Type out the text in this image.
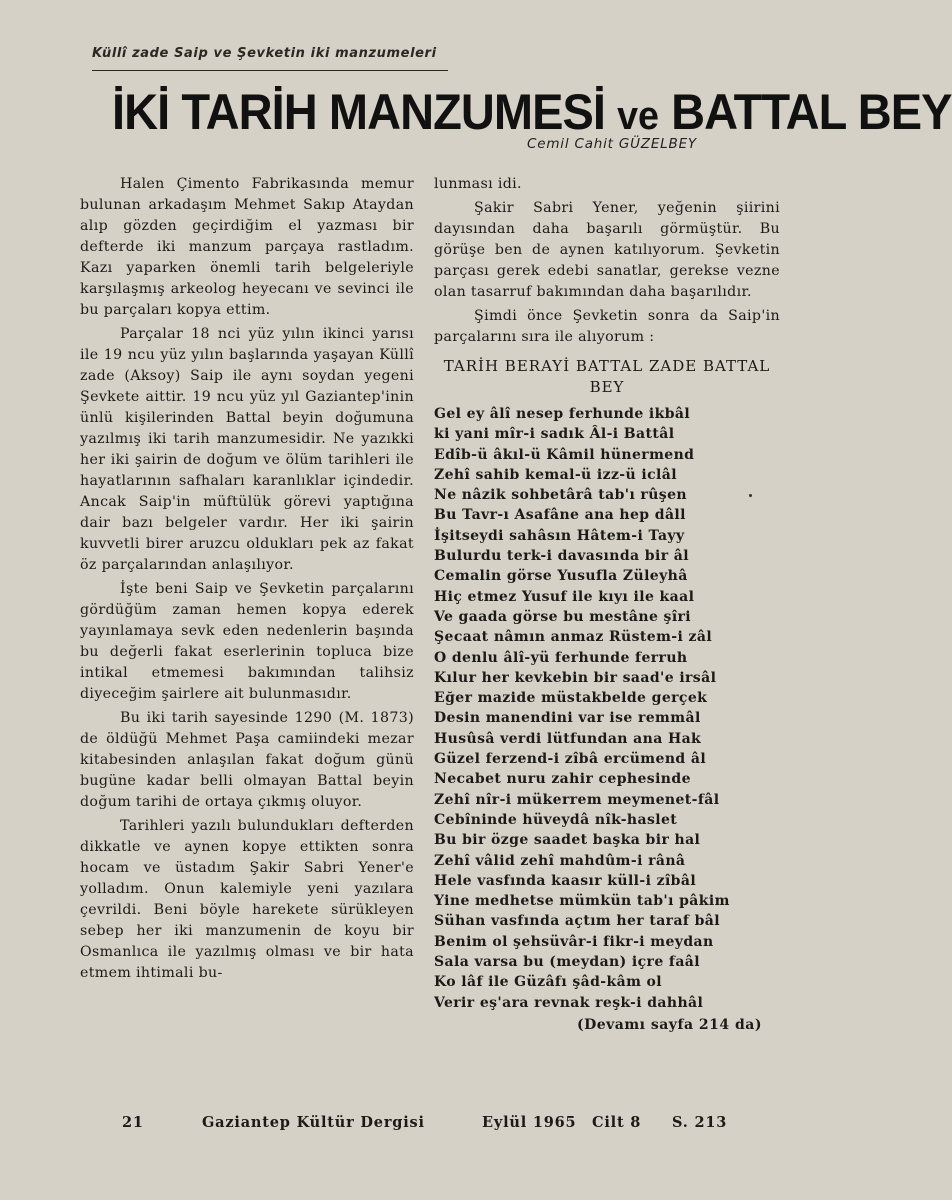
Küllî zade Saip ve Şevketin iki manzumeleri
İKİ TARİH MANZUMESİ ve BATTAL BEY
Cemil Cahit GÜZELBEY

Halen Çimento Fabrikasında memur bulunan arkadaşım Mehmet Sakıp Ataydan alıp gözden geçirdiğim el yazması bir defterde iki manzum parçaya rastladım. Kazı yaparken önemli tarih belgeleriyle karşılaşmış arkeolog heyecanı ve sevinci ile bu parçaları kopya ettim.

Parçalar 18 nci yüz yılın ikinci yarısı ile 19 ncu yüz yılın başlarında yaşayan Küllî zade (Aksoy) Saip ile aynı soydan yegeni Şevkete aittir. 19 ncu yüz yıl Gaziantep'inin ünlü kişilerinden Battal beyin doğumuna yazılmış iki tarih manzumesidir. Ne yazıkki her iki şairin de doğum ve ölüm tarihleri ile hayatlarının safhaları karanlıklar içindedir. Ancak Saip'in müftülük görevi yaptığına dair bazı belgeler vardır. Her iki şairin kuvvetli birer aruzcu oldukları pek az fakat öz parçalarından anlaşılıyor.

İşte beni Saip ve Şevketin parçalarını gördüğüm zaman hemen kopya ederek yayınlamaya sevk eden nedenlerin başında bu değerli fakat eserlerinin topluca bize intikal etmemesi bakımından talihsiz diyeceğim şairlere ait bulunmasıdır.

Bu iki tarih sayesinde 1290 (M. 1873) de öldüğü Mehmet Paşa camiindeki mezar kitabesinden anlaşılan fakat doğum günü bugüne kadar belli olmayan Battal beyin doğum tarihi de ortaya çıkmış oluyor.

Tarihleri yazılı bulundukları defterden dikkatle ve aynen kopye ettikten sonra hocam ve üstadım Şakir Sabri Yener'e yolladım. Onun kalemiyle yeni yazılara çevrildi. Beni böyle harekete sürükleyen sebep her iki manzumenin de koyu bir Osmanlıca ile yazılmış olması ve bir hata etmem ihtimali bu-

lunması idi.

Şakir Sabri Yener, yeğenin şiirini dayısından daha başarılı görmüştür. Bu görüşe ben de aynen katılıyorum. Şevketin parçası gerek edebi sanatlar, gerekse vezne olan tasarruf bakımından daha başarılıdır.

Şimdi önce Şevketin sonra da Saip'in parçalarını sıra ile alıyorum :

TARİH BERAYİ BATTAL ZADE BATTAL BEY
Gel ey âlî nesep ferhunde ikbâl
ki yani mîr-i sadık Âl-i Battâl
Edîb-ü âkıl-ü Kâmil hünermend
Zehî sahib kemal-ü izz-ü iclâl
Ne nâzik sohbetârâ tab'ı rûşen
Bu Tavr-ı Asafâne ana hep dâll
İşitseydi sahâsın Hâtem-i Tayy
Bulurdu terk-i davasında bir âl
Cemalin görse Yusufla Züleyhâ
Hiç etmez Yusuf ile kıyı ile kaal
Ve gaada görse bu mestâne şîri
Şecaat nâmın anmaz Rüstem-i zâl
O denlu âlî-yü ferhunde ferruh
Kılur her kevkebin bir saad'e irsâl
Eğer mazide müstakbelde gerçek
Desin manendini var ise remmâl
Husûsâ verdi lütfundan ana Hak
Güzel ferzend-i zîbâ ercümend âl
Necabet nuru zahir cephesinde
Zehî nîr-i mükerrem meymenet-fâl
Cebîninde hüveydâ nîk-haslet
Bu bir özge saadet başka bir hal
Zehî vâlid zehî mahdûm-i rânâ
Hele vasfında kaasır küll-i zîbâl
Yine medhetse mümkün tab'ı pâkim
Sühan vasfında açtım her taraf bâl
Benim ol şehsüvâr-i fikr-i meydan
Sala varsa bu (meydan) içre faâl
Ko lâf ile Güzâfı şâd-kâm ol
Verir eş'ara revnak reşk-i dahhâl
(Devamı sayfa 214 da)
21	Gaziantep Kültür Dergisi	Eylül 1965 Cilt 8 S. 213
